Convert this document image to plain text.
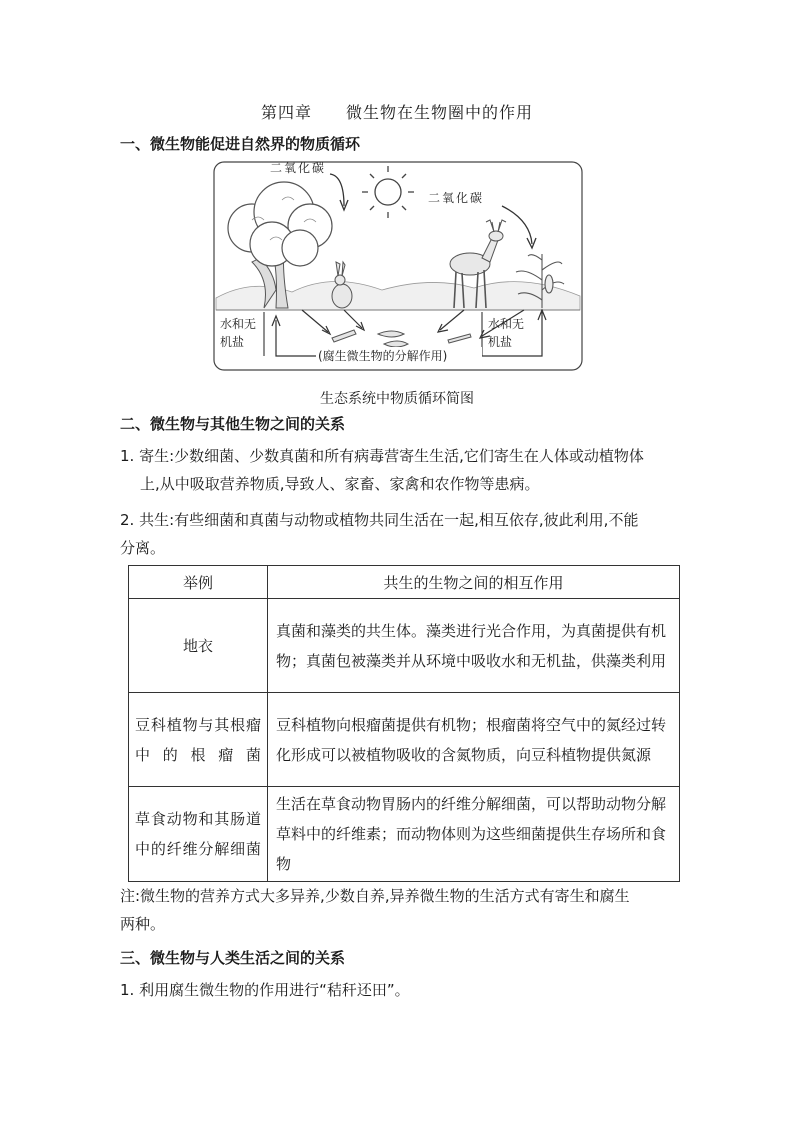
第四章 微生物在生物圈中的作用
一、微生物能促进自然界的物质循环
二氧化碳
二氧化碳
水和无
机盐
水和无
机盐
(腐生微生物的分解作用)
生态系统中物质循环简图
二、微生物与其他生物之间的关系
1. 寄生:少数细菌、少数真菌和所有病毒营寄生生活,它们寄生在人体或动植物体
上,从中吸取营养物质,导致人、家畜、家禽和农作物等患病。
2. 共生:有些细菌和真菌与动物或植物共同生活在一起,相互依存,彼此利用,不能
分离。
举例	共生的生物之间的相互作用
地衣	真菌和藻类的共生体。藻类进行光合作用，为真菌提供有机物；真菌包被藻类并从环境中吸收水和无机盐，供藻类利用
豆科植物与其根瘤中的根瘤菌	豆科植物向根瘤菌提供有机物；根瘤菌将空气中的氮经过转化形成可以被植物吸收的含氮物质，向豆科植物提供氮源
草食动物和其肠道中的纤维分解细菌	生活在草食动物胃肠内的纤维分解细菌，可以帮助动物分解草料中的纤维素；而动物体则为这些细菌提供生存场所和食物
注:微生物的营养方式大多异养,少数自养,异养微生物的生活方式有寄生和腐生
两种。
三、微生物与人类生活之间的关系
1. 利用腐生微生物的作用进行“秸秆还田”。
